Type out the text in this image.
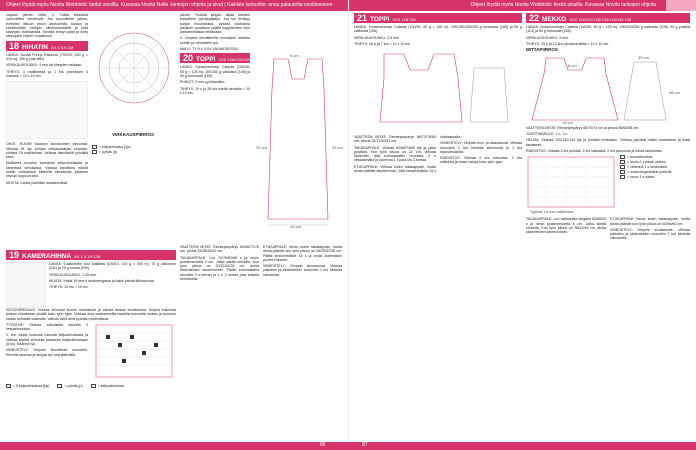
Ohjeet löydät myös Novita Webbistä: tiedot sivuilla. Kuvassa Novita Nalle -lankojen ohjeita ja sivut | Kaikkiin lankoihin: anna palautetta osoitteeseen	Ohjeet löydät myös Novita Webbistä: tiedot sivuilla. Kuvassa Novita lankojen ohjeita

varjaan pienen reiän. 2. Toista tekstissä suunnitellut merkinnät. Jos suunnittelet jatkoa, merkitse alkuun ensin aloitusreiät, kaulan ja keskikohdan mittojen silmukkamäärät ja pidä kirjanpito rivimääristä. Kiinnitä tehdyt palat ja siirry eteenpäin ohjeen mukaisesti.

18 HIHATIN XX 3 XX CM

LANKA: Novita Funny Rainbow (700/25, 150 g = 410 m), 150 g (väri 880)

VIRKKUUKOUKKU: 4 mm tai tiheyden mukaan.

TIHEYS: 3 mallikertaa ja 1 krs pinnoksen 4 mukaan = 10 x 10 cm.

OHJE: HUOM! Kaavion silmukoiden pinnoista. Virkkaa 81 kjs pohjaa virkkaussarjan mukaan, yhdistä 15 mallikertaa. Virkkaa täsmäsillä pylväillä sivut.

Mallikerta koostuu kahdesta ketjusilmukasta ja kiinteästä silmukasta. Virkkaa tarvittava määrä mallin mukaisesti kiinteillä silmukoilla jokaisen reunan loppuun asti.

MUUTA: Lanka pidetään lankakerässä.

VIRKKAUSPIIRROS
= ketjusilmukka (kjs)
= pylväs (p)
19 KAMERAHIHNA XX 1 X XX CM

LANKA: 5-säikeinen Uno kalaliina (100/10, 100 g = 390 m), 70 g valkoinen (011) ja 20 g musta (099).

VIRKKUUKOUKKU: 1,25 mm.

MUUTA: Kaksi 19 mm:n avainrengasta ja kaksi pientä tikkuneulaa.

TIHEYS: 10 krs = 10 cm.

KIRJOVIRKKAUS: Virkkaa silmukat kuvion mukaisesti ja vaihda lankaa tarvittaessa. Kuljeta kulkevaa lankaa virkattavan sisällä koko työn ajan. Virkkaa aina vaaleammilla raidoilla tummalla lankaa ja tumman raidan kohdalla vaalealla. Vaihda väriä aina pylvään puolivälissä.

TYÖOHJE: Virkkaa valkoisella lankalla 9 ketjusilmukkaa.

1. krs: Aloita koukulta toisesta ketjusilmukasta ja virkkaa kiinteä silmukka jokaiseen ketjusilmukkaan (8 ks). Käännä työ.

VIIMEISTELY: Ompele kiinnittimet reunoihin. Kiinnitä sauman ja suojaa työ höyryttämällä.

= 5 ketjusilmukkaa (kjs)	= pylväs (p)	= ketjusilmukkaa

pävän. Yhdistä langan aikaa kahden luokalleen pylväspäällyn. Jos työ tiivistyy sarjan muutoksista, tarkista tuloksena jokainen puoliskon päällä kappaleiden kuin parhaimmillaan tehtävään.

4. Ompele kiinnittimillä reunuksen kaikkiin kohtiin ja viimeistele työ.

MALLI: TYYLI: XXX VALMIUDESSA

20 TOPPI XXX 128/134/140/146 CM

LANKA: Schachenmayr Catania (100/30, 50 g = 125 m), 100/150 g valkoista (106) ja 50 g turkoosia (165).

PUIKOT: 3 mm pyöröpuikko.

TIHEYS: 19 s ja 26 krs sileää neuletta = 10 x 10 cm.

15 cm
9 cm
33 cm
20 cm

VAATTEEN MITAT: Rinnanympärys 60/66/72/78 cm, pituus 33/36/39/42 cm.

TAKAKAPPALE: Luo 70/76/82/88 s ja neulo joustinneuletta 4 cm. Jatka sileää neuletta. Kun työn pituus on 20/22/24/26 cm, aloita kädenteiden kavennukset. Päätä kummaltakin reunalta 3 s kerran ja 1 s 3 kertaa joka toisella kerroksella.

ETUKAPPALE: Neulo kuten takakappale, mutta aloita pääntie kun työn pituus on 26/29/32/35 cm. Päätä keskimmäiset 16 s ja neulo kummatkin puolet erikseen.

VIIMEISTELY: Ompele sivusaumat. Virkkaa pääntien ja kädenteiden reunoihin 1 krs kiinteitä silmukoita.

21 TOPPI XXX 128 CM

LANKA: Schachenmayr Catania (100/30, 50 g = 125 m), 100/150/150/200 g turkoosia (165) ja 50 g valkoista (106).

VIRKKUUKOUKKU: 2,5 mm.

TIHEYS: 18 p ja 7 krs = 10 x 10 cm.

VAATTEEN MITAT: Rinnanympärys 66/72/78/84 cm, pituus 34/37/40/43 cm.

TAKAKAPPALE: Virkkaa 62/68/74/80 kjs ja jatka pylväillä. Kun työn pituus on 22 cm, virkkaa kädentiet: jätä kummastakin reunasta 4 s virkkaamatta ja kavenna 1 s joka krs 3 kertaa.

ETUKAPPALE: Virkkaa kuten takakappale, mutta aloita pääntie aikaisemmin. Jätä keskimmäiset 14 s virkkaamatta.

VIIMEISTELY: Ompele sivu- ja olkasaumat. Virkkaa reunoihin 1 krs kiinteitä silmukoita ja 1 krs rapusilmukoita.

RAIDOITUS: Virkkaa 2 krs turkoosia, 2 krs valkoista ja toista raitoja koko työn ajan.

22 MEKKO XXX 116/122/128/134/140/146 CM

LANKA: Schachenmayr Catania (100/30, 50 g = 125 m), 150/200/250 g valkoista (106), 50 g pinkkiä (114) ja 50 g turkoosia (165).

VIRKKUUKOUKKU: 3 mm.

TIHEYS: 15 p ja 12 krs pylväsneuletta = 10 x 10 cm.

MITTAPIIRROS
16 cm
8 cm
56 cm
33 cm

VAATTEEN MITAT: Rinnanympärys 66/70/74 cm ja pituus 56/62/68 cm.

JOUSTINNEULE: 1 o, 1 n.

HELMA: Virkkaa 120/132/144 kjs ja yhdistä renkaaksi. Virkkaa pylväitä mallin mukaisesti ja lisää tasaisesti.

RAIDOITUS: Virkkaa 2 krs pinkkiä, 2 krs valkoista, 2 krs turkoosia ja toista raidoitusta.

Tyylikäs 1/4 osa mallikertaa
= muunsilmukka
= neulo 2 s oikein yhteen
= vähennä 1 s neulomalla
= nosta langankierto puikolle
= neulo 1 s oikein

TAKAKAPPALE: Luo valkoisella langalla 80/86/92 s ja neulo joustinneuletta 3 cm. Jatka sileää neuletta. Kun työn pituus on 38/42/46 cm, aloita kädenteiden kavennukset.

ETUKAPPALE: Neulo kuten takakappale, mutta aloita pääntie kun työn pituus on 50/55/60 cm.

VIIMEISTELY: Ompele sivusaumat. Virkkaa pääntien ja kädenteiden reunoihin 1 krs kiinteitä silmukoita.

86	87
